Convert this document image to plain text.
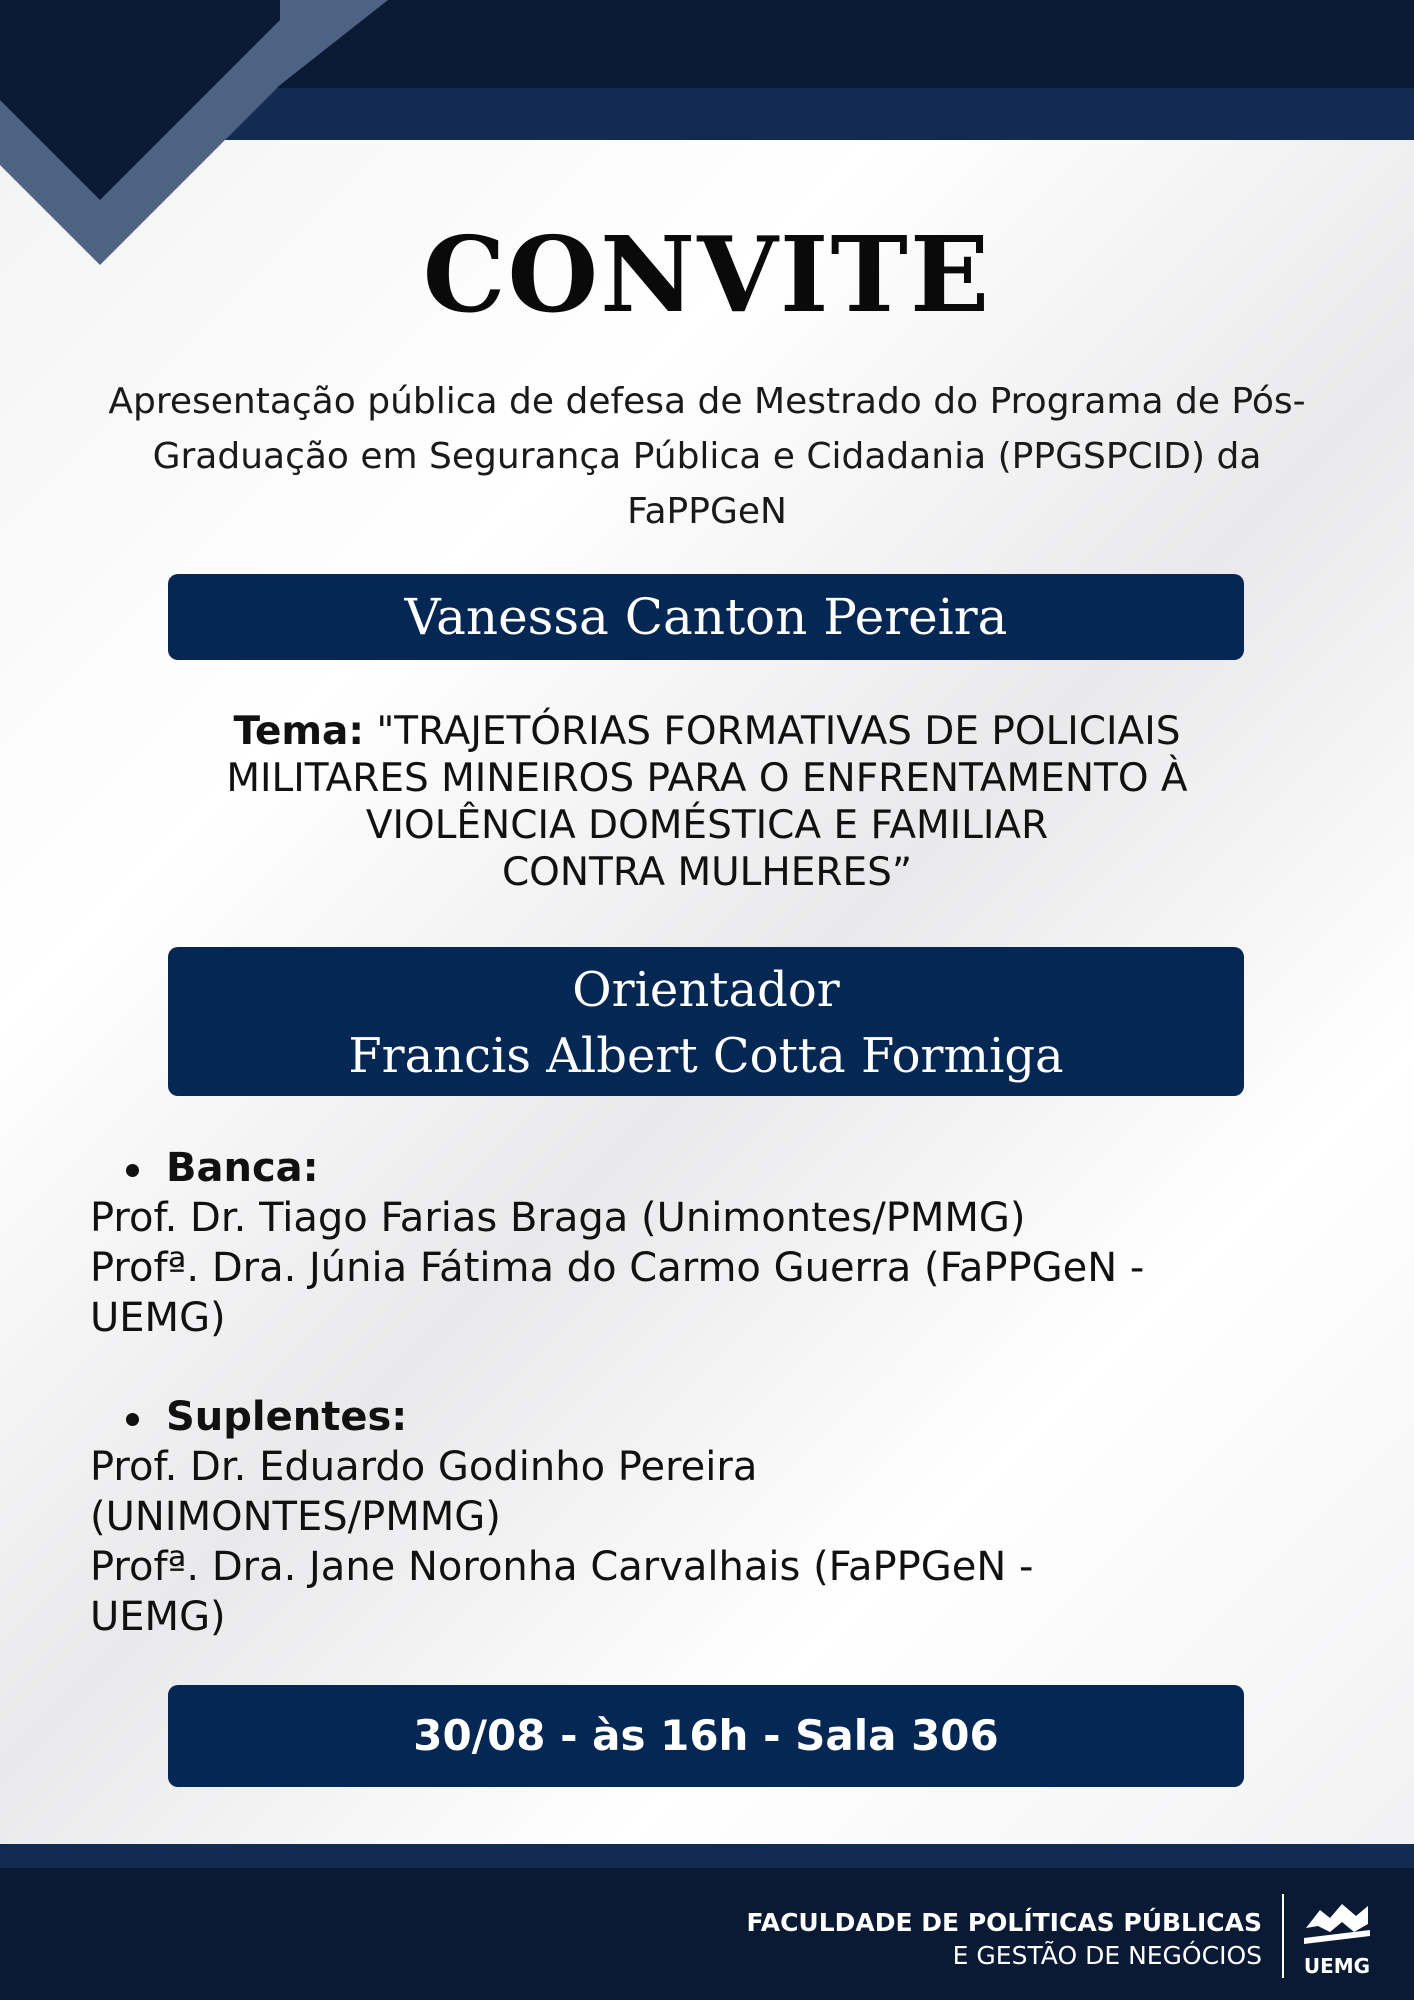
CONVITE
Apresentação pública de defesa de Mestrado do Programa de Pós-Graduação em Segurança Pública e Cidadania (PPGSPCID) da FaPPGeN
Vanessa Canton Pereira
Tema: "TRAJETÓRIAS FORMATIVAS DE POLICIAIS
MILITARES MINEIROS PARA O ENFRENTAMENTO À
VIOLÊNCIA DOMÉSTICA E FAMILIAR
CONTRA MULHERES”
Orientador
Francis Albert Cotta Formiga
Banca:
Prof. Dr. Tiago Farias Braga (Unimontes/PMMG)
Profª. Dra. Júnia Fátima do Carmo Guerra (FaPPGeN -
UEMG)
Suplentes:
Prof. Dr. Eduardo Godinho Pereira
(UNIMONTES/PMMG)
Profª. Dra. Jane Noronha Carvalhais (FaPPGeN -
UEMG)
30/08 - às 16h - Sala 306
FACULDADE DE POLÍTICAS PÚBLICAS
E GESTÃO DE NEGÓCIOS	UEMG
